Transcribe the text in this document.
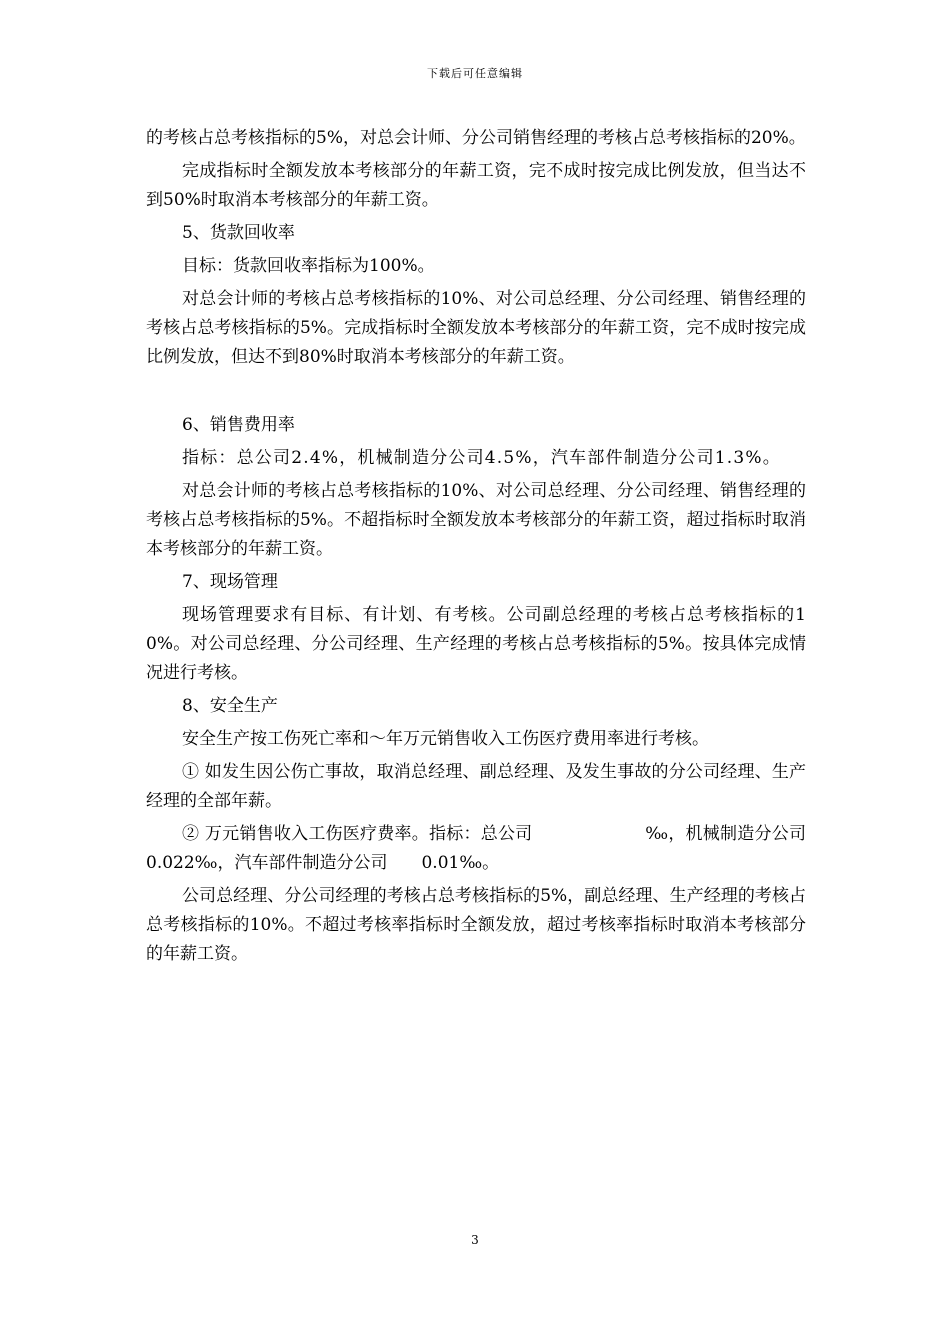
下载后可任意编辑

的考核占总考核指标的5%，对总会计师、分公司销售经理的考核占总考核指标的20%。

完成指标时全额发放本考核部分的年薪工资，完不成时按完成比例发放，但当达不到50%时取消本考核部分的年薪工资。

5、货款回收率

目标：货款回收率指标为100%。

对总会计师的考核占总考核指标的10%、对公司总经理、分公司经理、销售经理的考核占总考核指标的5%。完成指标时全额发放本考核部分的年薪工资，完不成时按完成比例发放，但达不到80%时取消本考核部分的年薪工资。

6、销售费用率

指标：总公司2.4%，机械制造分公司4.5%，汽车部件制造分公司1.3%。

对总会计师的考核占总考核指标的10%、对公司总经理、分公司经理、销售经理的考核占总考核指标的5%。不超指标时全额发放本考核部分的年薪工资，超过指标时取消本考核部分的年薪工资。

7、现场管理

现场管理要求有目标、有计划、有考核。公司副总经理的考核占总考核指标的10%。对公司总经理、分公司经理、生产经理的考核占总考核指标的5%。按具体完成情况进行考核。

8、安全生产

安全生产按工伤死亡率和～年万元销售收入工伤医疗费用率进行考核。

① 如发生因公伤亡事故，取消总经理、副总经理、及发生事故的分公司经理、生产经理的全部年薪。

② 万元销售收入工伤医疗费率。指标：总公司                    ‰，机械制造分公司　0.022‰，汽车部件制造分公司　　0.01‰。

公司总经理、分公司经理的考核占总考核指标的5%，副总经理、生产经理的考核占总考核指标的10%。不超过考核率指标时全额发放，超过考核率指标时取消本考核部分的年薪工资。

3
